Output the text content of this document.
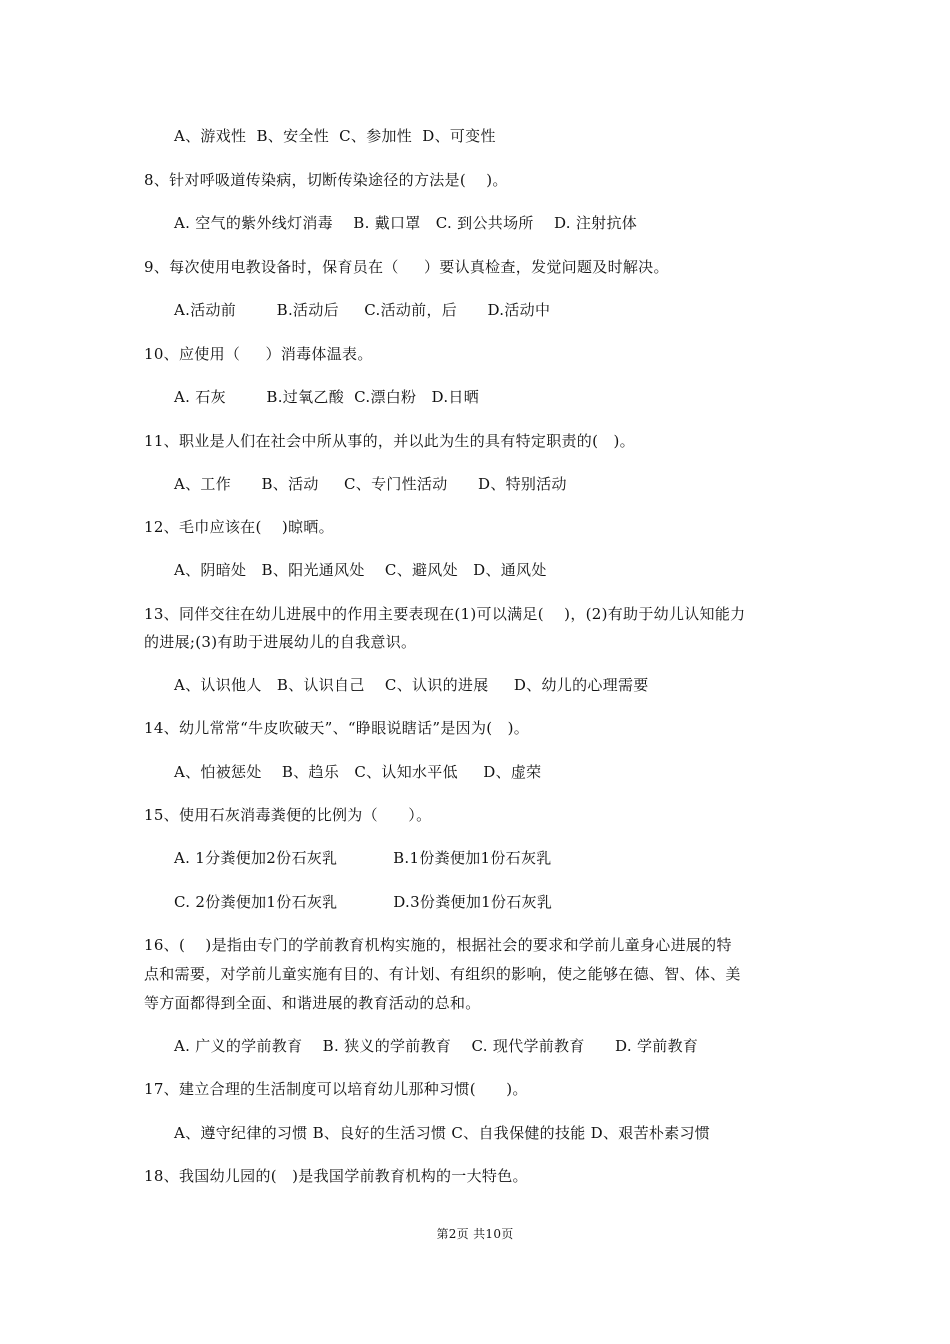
A、游戏性  B、安全性  C、参加性  D、可变性
8、针对呼吸道传染病，切断传染途径的方法是(    )。
A. 空气的紫外线灯消毒    B. 戴口罩   C. 到公共场所    D. 注射抗体
9、每次使用电教设备时，保育员在（     ）要认真检查，发觉问题及时解决。
A.活动前        B.活动后     C.活动前，后      D.活动中
10、应使用（     ）消毒体温表。
A. 石灰        B.过氧乙酸  C.漂白粉   D.日晒
11、职业是人们在社会中所从事的，并以此为生的具有特定职责的(   )。
A、工作      B、活动     C、专门性活动      D、特别活动
12、毛巾应该在(    )晾晒。
A、阴暗处   B、阳光通风处    C、避风处   D、通风处
13、同伴交往在幼儿进展中的作用主要表现在(1)可以满足(    )，(2)有助于幼儿认知能力
的进展;(3)有助于进展幼儿的自我意识。
A、认识他人   B、认识自己    C、认识的进展     D、幼儿的心理需要
14、幼儿常常“牛皮吹破天”、“睁眼说瞎话”是因为(   )。
A、怕被惩处    B、趋乐   C、认知水平低     D、虚荣
15、使用石灰消毒粪便的比例为（      ）。
A. 1分粪便加2份石灰乳           B.1份粪便加1份石灰乳
C. 2份粪便加1份石灰乳           D.3份粪便加1份石灰乳
16、(    )是指由专门的学前教育机构实施的，根据社会的要求和学前儿童身心进展的特
点和需要，对学前儿童实施有目的、有计划、有组织的影响，使之能够在德、智、体、美
等方面都得到全面、和谐进展的教育活动的总和。
A. 广义的学前教育    B. 狭义的学前教育    C. 现代学前教育      D. 学前教育
17、建立合理的生活制度可以培育幼儿那种习惯(      )。
A、遵守纪律的习惯 B、良好的生活习惯 C、自我保健的技能 D、艰苦朴素习惯
18、我国幼儿园的(   )是我国学前教育机构的一大特色。
第2页 共10页
